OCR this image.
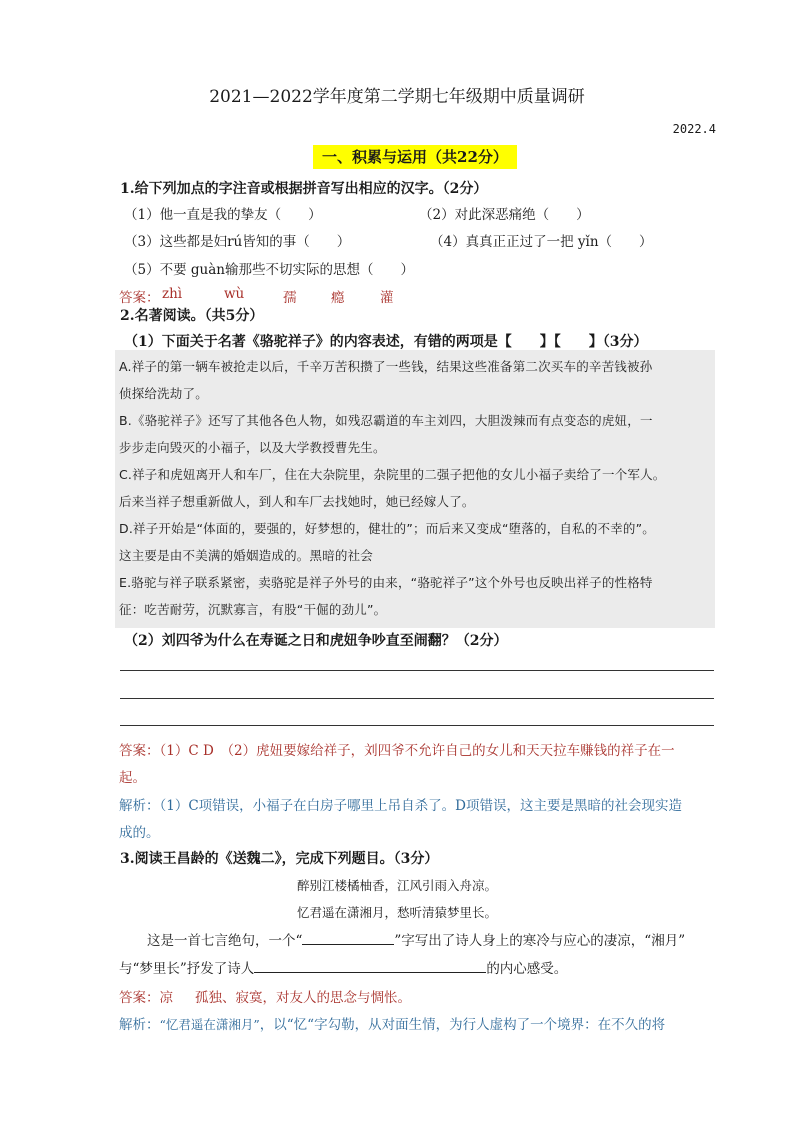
2021—2022学年度第二学期七年级期中质量调研
2022.4
一、积累与运用（共22分）
1.给下列加点的字注音或根据拼音写出相应的汉字。（2分）
（1）他一直是我的挚友（　　）	（2）对此深恶痛绝（　　）
（3）这些都是妇rú皆知的事（　　）	（4）真真正正过了一把 yǐn（　　）
（5）不要 guàn输那些不切实际的思想（　　）
答案： zhì	wù	孺	瘾	灌
2.名著阅读。（共5分）
（1）下面关于名著《骆驼祥子》的内容表述，有错的两项是【　　】【　　】（3分）
A.祥子的第一辆车被抢走以后，千辛万苦积攒了一些钱，结果这些准备第二次买车的辛苦钱被孙
侦探给洗劫了。
B.《骆驼祥子》还写了其他各色人物，如残忍霸道的车主刘四，大胆泼辣而有点变态的虎妞，一
步步走向毁灭的小福子，以及大学教授曹先生。
C.祥子和虎妞离开人和车厂，住在大杂院里，杂院里的二强子把他的女儿小福子卖给了一个军人。
后来当祥子想重新做人，到人和车厂去找她时，她已经嫁人了。
D.祥子开始是“体面的，要强的，好梦想的，健壮的”；而后来又变成“堕落的，自私的不幸的”。
这主要是由不美满的婚姻造成的。黑暗的社会
E.骆驼与祥子联系紧密，卖骆驼是祥子外号的由来，“骆驼祥子”这个外号也反映出祥子的性格特
征：吃苦耐劳，沉默寡言，有股“干倔的劲儿”。
（2）刘四爷为什么在寿诞之日和虎妞争吵直至闹翻？（2分）
答案：（1）C D　（2）虎妞要嫁给祥子，刘四爷不允许自己的女儿和天天拉车赚钱的祥子在一
起。
解析：（1）C项错误，小福子在白房子哪里上吊自杀了。D项错误，这主要是黑暗的社会现实造
成的。
3.阅读王昌龄的《送魏二》，完成下列题目。（3分）
醉别江楼橘柚香，江风引雨入舟凉。
忆君遥在潇湘月，愁听清猿梦里长。
这是一首七言绝句，一个“	”字写出了诗人身上的寒冷与应心的凄凉，“湘月”
与“梦里长”抒发了诗人	的内心感受。
答案：凉 孤独、寂寞，对友人的思念与惆怅。
解析：“忆君遥在潇湘月”，以“忆“字勾勒，从对面生情，为行人虚构了一个境界：在不久的将
